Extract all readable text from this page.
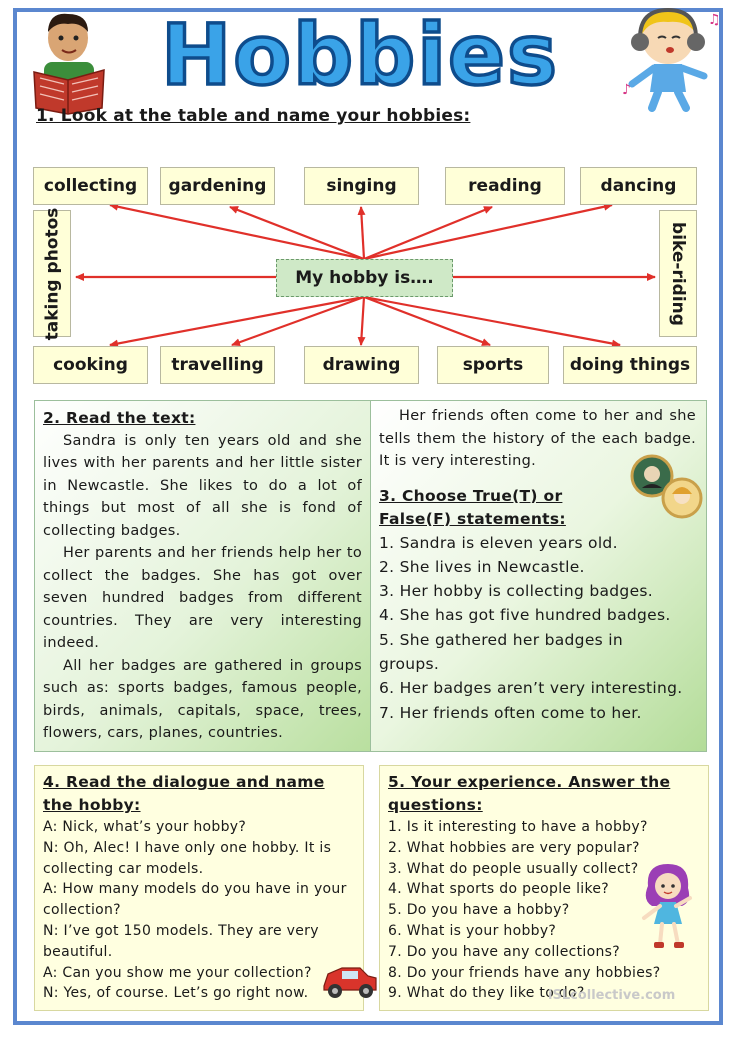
Hobbies	♪
♫
1. Look at the table and name your hobbies:
collecting	gardening	singing	reading	dancing
taking photos	bike-riding
cooking	travelling	drawing	sports	doing things
My hobby is….
2. Read the text:
Sandra is only ten years old and she lives with her parents and her little sister in Newcastle. She likes to do a lot of things but most of all she is fond of collecting badges.
Her parents and her friends help her to collect the badges. She has got over seven hundred badges from different countries. They are very interesting indeed.
All her badges are gathered in groups such as: sports badges, famous people, birds, animals, capitals, space, trees, flowers, cars, planes, countries.
Her friends often come to her and she tells them the history of the each badge. It is very interesting.
3. Choose True(T) or False(F) statements:
1. Sandra is eleven years old.
2. She lives in Newcastle.
3. Her hobby is collecting badges.
4. She has got five hundred badges.
5. She gathered her badges in groups.
6. Her badges aren’t very interesting.
7. Her friends often come to her.
4. Read the dialogue and name the hobby:
A: Nick, what’s your hobby?
N: Oh, Alec! I have only one hobby. It is collecting car models.
A: How many models do you have in your collection?
N: I’ve got 150 models. They are very beautiful.
A: Can you show me your collection?
N: Yes, of course. Let’s go right now.
5. Your experience. Answer the questions:
1. Is it interesting to have a hobby?
2. What hobbies are very popular?
3. What do people usually collect?
4. What sports do people like?
5. Do you have a hobby?
6. What is your hobby?
7. Do you have any collections?
8. Do your friends have any hobbies?
9. What do they like to do?
iSLcollective.com
